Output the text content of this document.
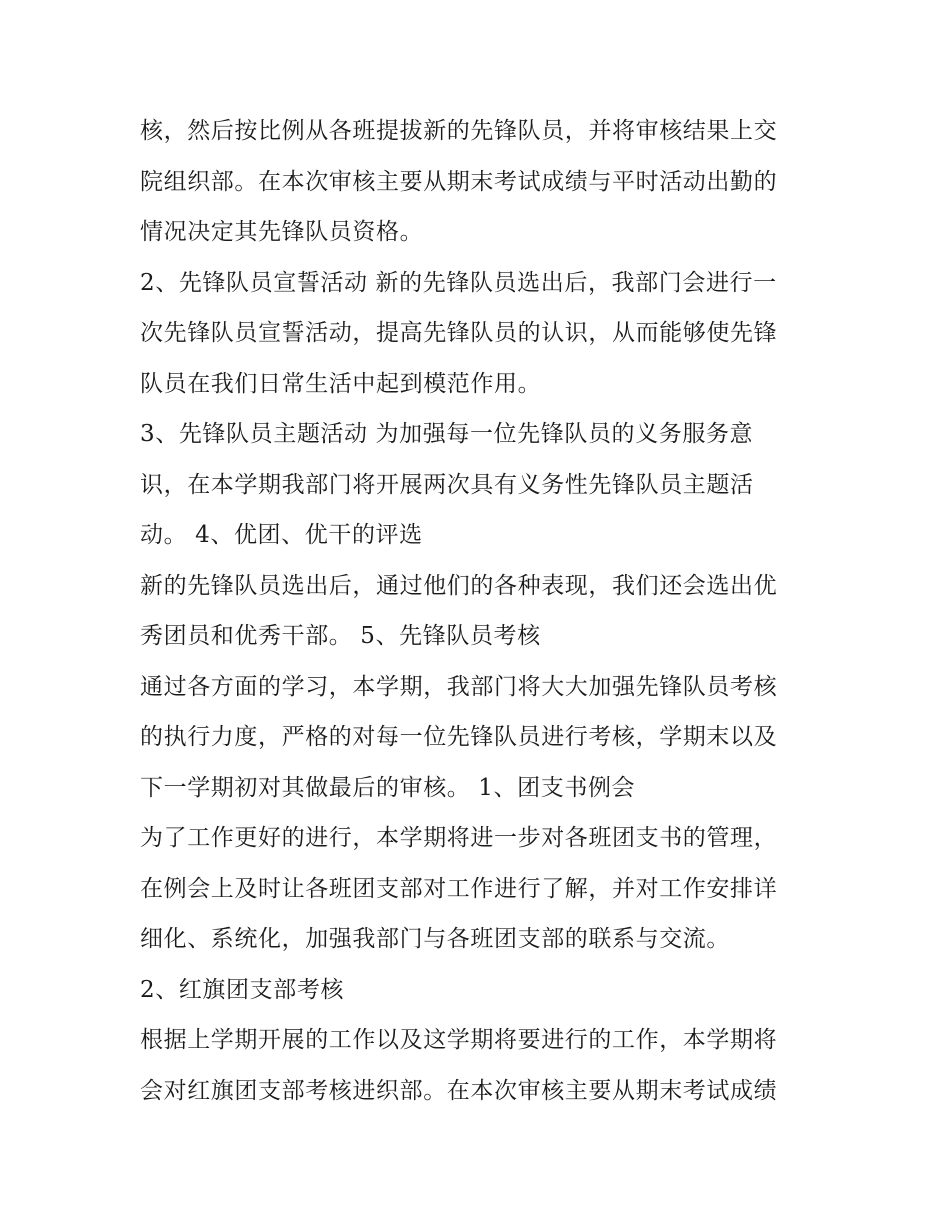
核，然后按比例从各班提拔新的先锋队员，并将审核结果上交
院组织部。在本次审核主要从期末考试成绩与平时活动出勤的
情况决定其先锋队员资格。
2、先锋队员宣誓活动 新的先锋队员选出后，我部门会进行一
次先锋队员宣誓活动，提高先锋队员的认识，从而能够使先锋
队员在我们日常生活中起到模范作用。
3、先锋队员主题活动 为加强每一位先锋队员的义务服务意
识，在本学期我部门将开展两次具有义务性先锋队员主题活
动。 4、优团、优干的评选
新的先锋队员选出后，通过他们的各种表现，我们还会选出优
秀团员和优秀干部。 5、先锋队员考核
通过各方面的学习，本学期，我部门将大大加强先锋队员考核
的执行力度，严格的对每一位先锋队员进行考核，学期末以及
下一学期初对其做最后的审核。 1、团支书例会
为了工作更好的进行，本学期将进一步对各班团支书的管理，
在例会上及时让各班团支部对工作进行了解，并对工作安排详
细化、系统化，加强我部门与各班团支部的联系与交流。
2、红旗团支部考核
根据上学期开展的工作以及这学期将要进行的工作，本学期将
会对红旗团支部考核进织部。在本次审核主要从期末考试成绩
